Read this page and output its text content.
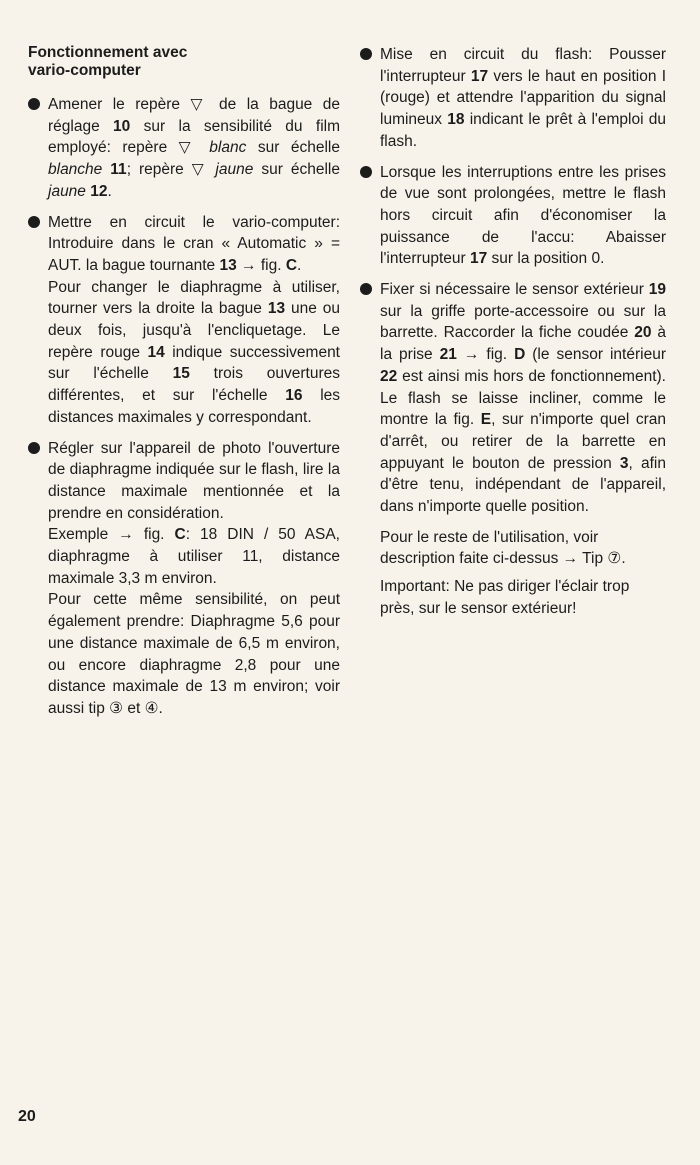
Fonctionnement avec
vario-computer

Amener le repère ▽ de la bague de réglage 10 sur la sensibilité du film employé: repère ▽ blanc sur échelle blanche 11; repère ▽ jaune sur échelle jaune 12.

Mettre en circuit le vario-computer: Introduire dans le cran « Automatic » = AUT. la bague tournante 13 → fig. C.

Pour changer le diaphragme à utiliser, tourner vers la droite la bague 13 une ou deux fois, jusqu'à l'encliquetage. Le repère rouge 14 indique successivement sur l'échelle 15 trois ouvertures différentes, et sur l'échelle 16 les distances maximales y correspondant.

Régler sur l'appareil de photo l'ouverture de diaphragme indiquée sur le flash, lire la distance maximale mentionnée et la prendre en considération.

Exemple → fig. C: 18 DIN / 50 ASA, diaphragme à utiliser 11, distance maximale 3,3 m environ.

Pour cette même sensibilité, on peut également prendre: Diaphragme 5,6 pour une distance maximale de 6,5 m environ, ou encore diaphragme 2,8 pour une distance maximale de 13 m environ; voir aussi tip ③ et ④.

Mise en circuit du flash: Pousser l'interrupteur 17 vers le haut en position I (rouge) et attendre l'apparition du signal lumineux 18 indicant le prêt à l'emploi du flash.

Lorsque les interruptions entre les prises de vue sont prolongées, mettre le flash hors circuit afin d'économiser la puissance de l'accu: Abaisser l'interrupteur 17 sur la position 0.

Fixer si nécessaire le sensor extérieur 19 sur la griffe porte-accessoire ou sur la barrette. Raccorder la fiche coudée 20 à la prise 21 → fig. D (le sensor intérieur 22 est ainsi mis hors de fonctionnement). Le flash se laisse incliner, comme le montre la fig. E, sur n'importe quel cran d'arrêt, ou retirer de la barrette en appuyant le bouton de pression 3, afin d'être tenu, indépendant de l'appareil, dans n'importe quelle position.

Pour le reste de l'utilisation, voir description faite ci-dessus → Tip ⑦.

Important: Ne pas diriger l'éclair trop près, sur le sensor extérieur!

20
